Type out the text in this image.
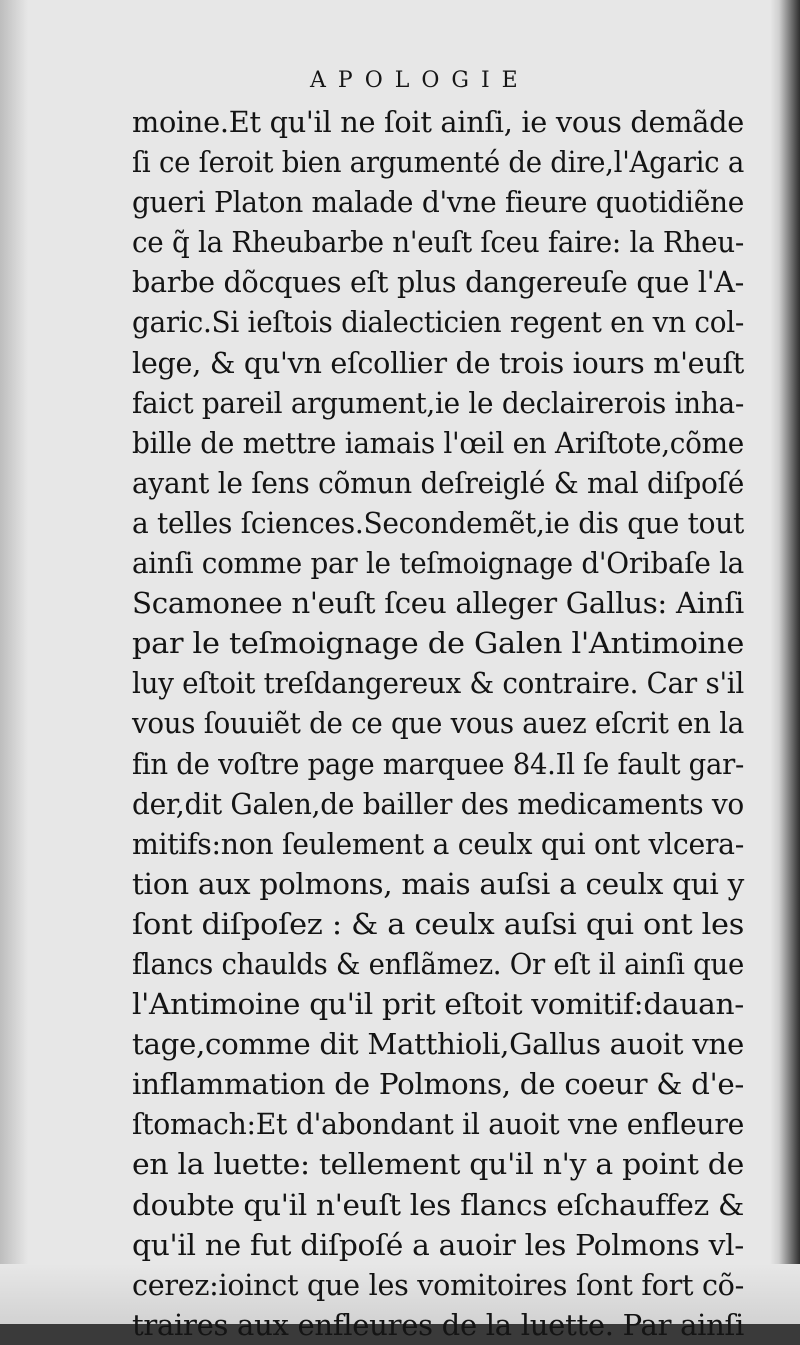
APOLOGIE
moine.Et qu'il ne ſoit ainſi, ie vous demãde
ſi ce ſeroit bien argumenté de dire,l'Agaric a
gueri Platon malade d'vne fieure quotidiẽne
ce q̃ la Rheubarbe n'euſt ſceu faire: la Rheu-
barbe dõcques eſt plus dangereuſe que l'A-
garic.Si ieſtois dialecticien regent en vn col-
lege, & qu'vn eſcollier de trois iours m'euſt
faict pareil argument,ie le declairerois inha-
bille de mettre iamais l'œil en Ariſtote,cõme
ayant le ſens cõmun deſreiglé & mal diſpoſé
a telles ſciences.Secondemẽt,ie dis que tout
ainſi comme par le teſmoignage d'Oribaſe la
Scamonee n'euſt ſceu alleger Gallus: Ainſi
par le teſmoignage de Galen l'Antimoine
luy eſtoit treſdangereux & contraire. Car s'il
vous ſouuiẽt de ce que vous auez eſcrit en la
fin de voſtre page marquee 84.Il ſe fault gar-
der,dit Galen,de bailler des medicaments vo
mitifs:non ſeulement a ceulx qui ont vlcera-
tion aux polmons, mais auſsi a ceulx qui y
ſont diſpoſez : & a ceulx auſsi qui ont les
flancs chaulds & enflãmez. Or eſt il ainſi que
l'Antimoine qu'il prit eſtoit vomitif:dauan-
tage,comme dit Matthioli,Gallus auoit vne
inflammation de Polmons, de coeur & d'e-
ſtomach:Et d'abondant il auoit vne enfleure
en la luette: tellement qu'il n'y a point de
doubte qu'il n'euſt les flancs eſchauffez &
qu'il ne fut diſpoſé a auoir les Polmons vl-
cerez:ioinct que les vomitoires ſont fort cõ-
traires aux enfleures de la luette. Par ainſi
